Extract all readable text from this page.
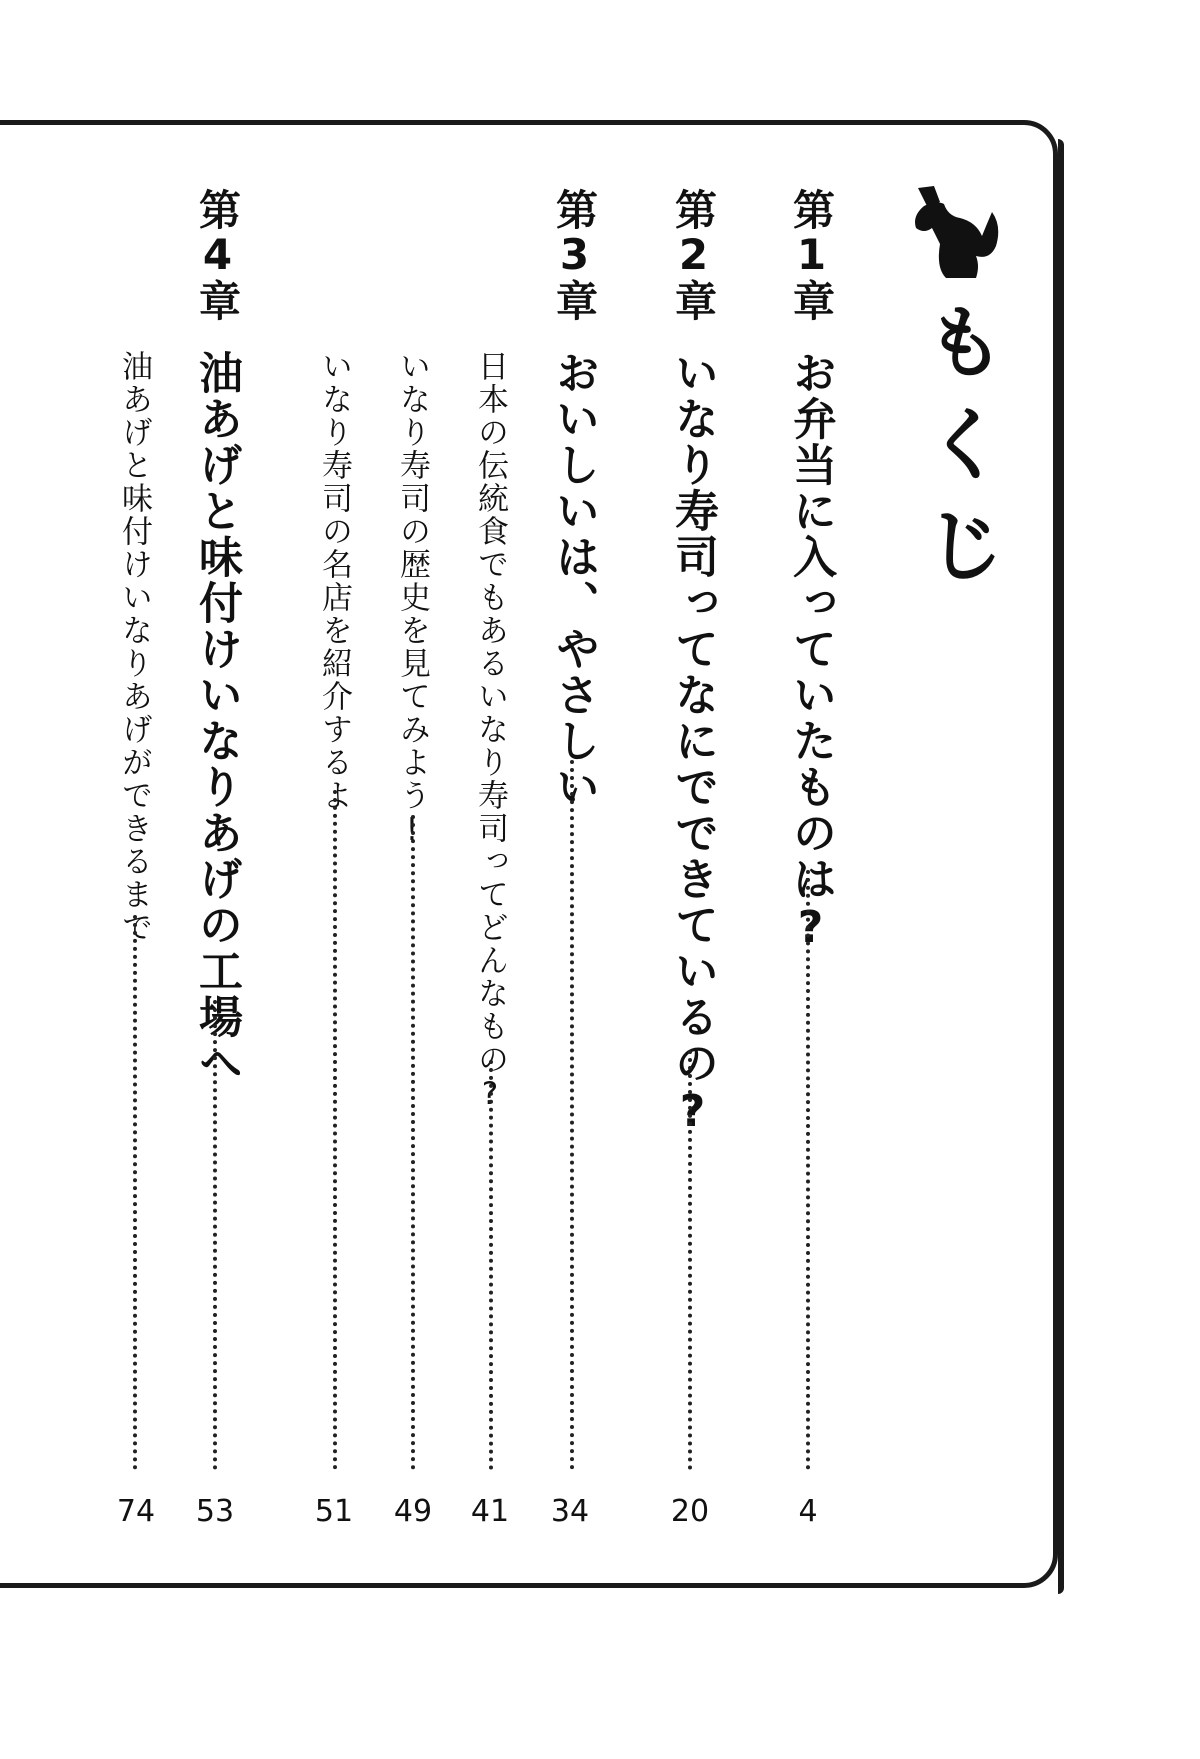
もくじ
第1章
お弁当に入っていたものは?
4
第2章
いなり寿司ってなにでできているの?
20
第3章
おいしいは、やさしい
34
日本の伝統食でもあるいなり寿司ってどんなもの?
41
いなり寿司の歴史を見てみよう!
49
いなり寿司の名店を紹介するよ
51
第4章
油あげと味付けいなりあげの工場へ
53
油あげと味付けいなりあげができるまで
74
